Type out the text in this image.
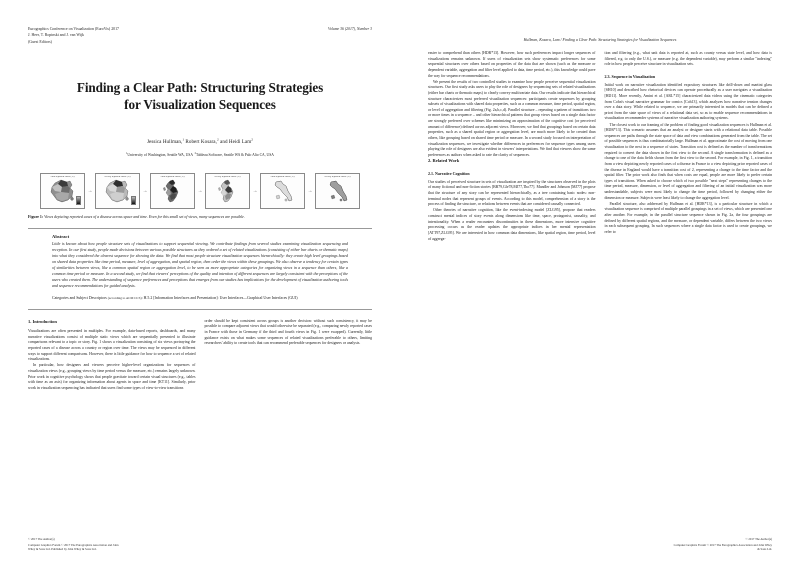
Eurographics Conference on Visualization (EuroVis) 2017
J. Heer, T. Ropinski and J. van Wijk
(Guest Editors)
Volume 36 (2017), Number 3
Finding a Clear Path: Structuring Strategies
for Visualization Sequences
Jessica Hullman,$^1$ Robert Kosara,$^2$ and Heidi Lam$^2$
$^1$University of Washington, Seattle WA, USA $^2$Tableau Software, Seattle WA & Palo Alto CA, USA
First reported cases (%)
→
Newly reported cases (%)
→
First reported cases (%)
→
Newly reported cases (%)
→
First reported cases (%)
→
Newly reported cases (%)
Figure 1: Views depicting reported cases of a disease across space and time. Even for this small set of views, many sequences are possible.
Abstract
Little is known about how people structure sets of visualizations to support sequential viewing. We contribute findings from several studies examining visualization sequencing and reception. In our first study, people made decisions between various possible structures as they ordered a set of related visualizations (consisting of either bar charts or thematic maps) into what they considered the clearest sequence for showing the data. We find that most people structure visualization sequences hierarchically: they create high level groupings based on shared data properties like time period, measure, level of aggregation, and spatial region, then order the views within these groupings. We also observe a tendency for certain types of similarities between views, like a common spatial region or aggregation level, to be seen as more appropriate categories for organizing views in a sequence than others, like a common time period or measure. In a second study, we find that viewers' perceptions of the quality and intention of different sequences are largely consistent with the perceptions of the users who created them. The understanding of sequence preferences and perceptions that emerges from our studies has implications for the development of visualization authoring tools and sequence recommendations for guided analysis.
Categories and Subject Descriptors (according to ACM CCS): H.5.2 [Information Interfaces and Presentation]: User Interfaces—Graphical User Interfaces (GUI)
1. Introduction

Visualizations are often presented in multiples. For example, data-based reports, dashboards, and many narrative visualizations consist of multiple static views which are sequentially presented to illustrate comparisons relevant to a topic or story. Fig. 1 shows a visualization consisting of six views portraying the reported cases of a disease across a country or region over time. The views may be sequenced in different ways to support different comparisons. However, there is little guidance for how to sequence a set of related visualizations.

In particular, how designers and viewers perceive higher-level organizations for sequences of visualization views (e.g., grouping views by time period versus the measure, etc.) remains largely unknown. Prior work in cognitive psychology shows that people gravitate toward certain visual structures (e.g., tables with time as an axis) for organizing information about agents in space and time [KT11]. Similarly, prior work in visualization sequencing has indicated that users find some types of view-to-view transitions

order should be kept consistent across groups is another decision: without such consistency, it may be possible to compare adjacent views that would otherwise be separated (e.g., comparing newly reported cases in France with those in Germany if the third and fourth views in Fig. 1 were swapped). Currently, little guidance exists on what makes some sequences of related visualizations preferable to others, limiting researchers' ability to create tools that can recommend preferable sequences for designers or analysts.

© 2017 The Author(s)
Computer Graphics Forum © 2017 The Eurographics Association and John
Wiley & Sons Ltd. Published by John Wiley & Sons Ltd.
Hullman, Kosara, Lam / Finding a Clear Path: Structuring Strategies for Visualization Sequences

easier to comprehend than others [HDR*13]. However, how such preferences impact longer sequences of visualizations remains unknown. If users of visualization sets show systematic preferences for some sequential structures over others based on properties of the data that are shown (such as the measure or dependent variable, aggregation and filter level applied to data, time period, etc.), this knowledge could pave the way for sequence recommendations.

We present the results of two controlled studies to examine how people perceive sequential visualization structures. Our first study asks users to play the role of designers by sequencing sets of related visualizations (either bar charts or thematic maps) to clearly convey multivariate data. Our results indicate that hierarchical structure characterizes most preferred visualization sequences: participants create sequences by grouping subsets of visualizations with shared data properties, such as a common measure, time period, spatial region, or level of aggregation and filtering (Fig. 2a,b,c,d). Parallel structure – repeating a pattern of transitions two or more times in a sequence – and other hierarchical patterns that group views based on a single data factor are strongly preferred over schemes like minimizing an approximation of the cognitive cost (or perceived amount of difference) defined across adjacent views. Moreover, we find that groupings based on certain data properties, such as a shared spatial region or aggregation level, are much more likely to be created than others, like grouping based on shared time period or measure. In a second study focused on interpretation of visualization sequences, we investigate whether differences in preferences for sequence types among users playing the role of designers are also evident in viewers' interpretations. We find that viewers show the same preferences as authors when asked to rate the clarity of sequences.

2. Related Work
2.1. Narrative Cognition

Our studies of perceived structure in sets of visualization are inspired by the structures observed in the plots of many fictional and non-fiction stories [BB79,Gle78,MJ77,Tho77]. Mandler and Johnson [MJ77] propose that the structure of any story can be represented hierarchically, as a tree containing basic nodes: non-terminal nodes that represent groups of events. According to this model, comprehension of a story is the process of finding the structure, or relations between events that are considered causally connected.

Other theories of narrative cognition, like the event-indexing model [ZLG95], propose that readers construct mental indices of story events along dimensions like time, space, protagonist, causality, and intentionality. When a reader encounters discontinuities in these dimensions, more intensive cognitive processing occurs as the reader updates the appropriate indices in her mental representation [ATT97,ZLG95]. We are interested in how common data dimensions, like spatial region, time period, level of aggrega-

tion and filtering (e.g., what unit data is reported at, such as county versus state level, and how data is filtered, e.g. to only the U.S.), or measure (e.g. the dependent variable), may perform a similar "indexing" role in how people perceive structure in visualization sets.

2.3. Sequence in Visualization

Initial work on narrative visualization identified expository structures like drill-down and martini glass [SH10] and described how rhetorical devices can operate procedurally as a user navigates a visualization [HD11]. More recently, Amini et al. [ARL*15] characterized data videos using the cinematic categories from Cohn's visual narrative grammar for comics [Coh13], which analyzes how narrative tension changes over a data story. While related to sequence, we are primarily interested in models that can be defined a priori from the state space of views of a relational data set, so as to enable sequence recommendations in visualization recommender systems of narrative visualization authoring systems.

The closest work to our framing of the problem of finding good visualization sequences is Hullman et al. [HDR*13]. This scenario assumes that an analyst or designer starts with a relational data table. Possible sequences are paths through the state space of data and view combinations generated from the table. The set of possible sequences is thus combinatorially large. Hullman et al. approximate the cost of moving from one visualization to the next in a sequence of states. Transition cost is defined as the number of transformations required to convert the data shown in the first view to the second. A single transformation is defined as a change to one of the data fields shown from the first view to the second. For example, in Fig. 1, a transition from a view depicting newly reported cases of a disease in France to a view depicting prior reported cases of the disease in England would have a transition cost of 2, representing a change to the time factor and the spatial filter. The prior work also finds that when costs are equal, people are more likely to prefer certain types of transitions. When asked to choose which of two possible "next steps" representing changes to the time period, measure, dimension, or level of aggregation and filtering of an initial visualization was more understandable, subjects were most likely to change the time period, followed by changing either the dimension or measure. Subjects were least likely to change the aggregation level.

Parallel structure, also addressed by Hullman et al. [HDR*13], is a particular structure in which a visualization sequence is comprised of multiple parallel groupings in a set of views, which are presented one after another. For example, in the parallel structure sequence shown in Fig. 2a, the four groupings are defined by different spatial regions, and the measure, or dependent variable, differs between the two views in each subsequent grouping. In such sequences where a single data factor is used to create groupings, we refer to

© 2017 The Author(s)
Computer Graphics Forum © 2017 The Eurographics Association and John Wiley & Sons Ltd.
